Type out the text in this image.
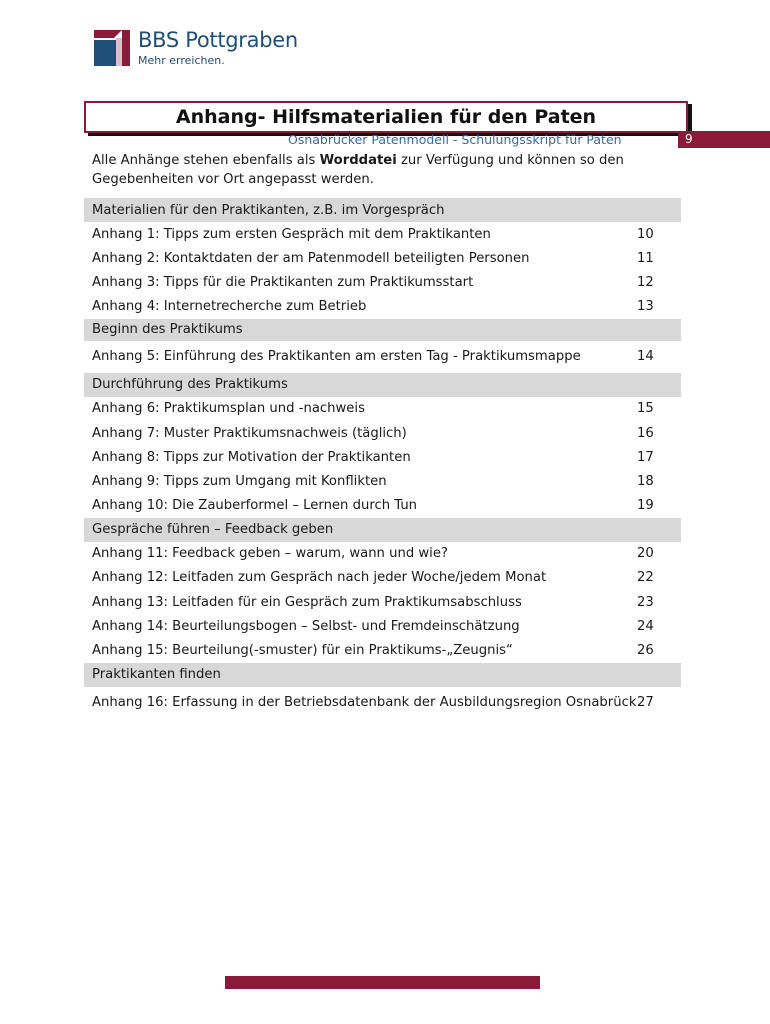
BBS Pottgraben
Mehr erreichen.
Anhang- Hilfsmaterialien für den Paten
Osnabrücker Patenmodell - Schulungsskript für Paten	9
Alle Anhänge stehen ebenfalls als Worddatei zur Verfügung und können so den Gegebenheiten vor Ort angepasst werden.
Materialien für den Praktikanten, z.B. im Vorgespräch
Anhang 1: Tipps zum ersten Gespräch mit dem Praktikanten	10
Anhang 2: Kontaktdaten der am Patenmodell beteiligten Personen	11
Anhang 3: Tipps für die Praktikanten zum Praktikumsstart	12
Anhang 4: Internetrecherche zum Betrieb	13
Beginn des Praktikums
Anhang 5: Einführung des Praktikanten am ersten Tag - Praktikumsmappe	14
Durchführung des Praktikums
Anhang 6: Praktikumsplan und -nachweis	15
Anhang 7: Muster Praktikumsnachweis (täglich)	16
Anhang 8: Tipps zur Motivation der Praktikanten	17
Anhang 9: Tipps zum Umgang mit Konflikten	18
Anhang 10: Die Zauberformel – Lernen durch Tun	19
Gespräche führen – Feedback geben
Anhang 11: Feedback geben – warum, wann und wie?	20
Anhang 12: Leitfaden zum Gespräch nach jeder Woche/jedem Monat	22
Anhang 13: Leitfaden für ein Gespräch zum Praktikumsabschluss	23
Anhang 14: Beurteilungsbogen – Selbst- und Fremdeinschätzung	24
Anhang 15: Beurteilung(-smuster) für ein Praktikums-„Zeugnis“	26
Praktikanten finden
Anhang 16: Erfassung in der Betriebsdatenbank der Ausbildungsregion Osnabrück 27
